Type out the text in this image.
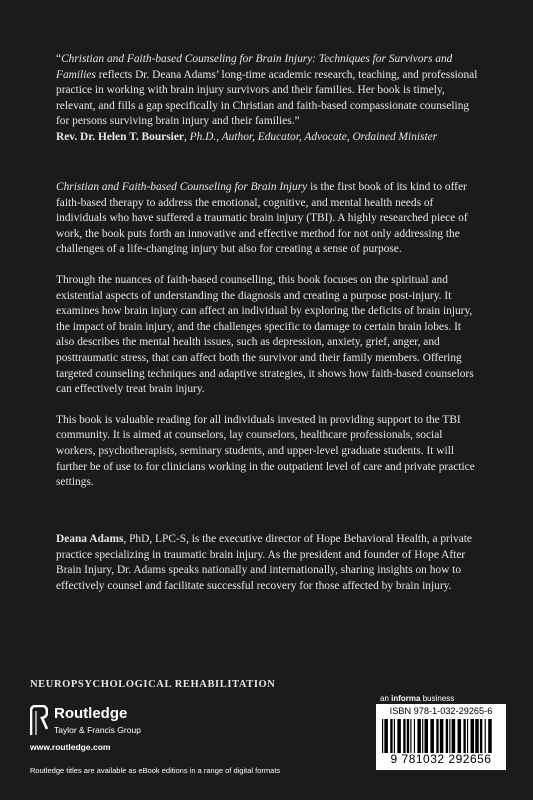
“Christian and Faith-based Counseling for Brain Injury: Techniques for Survivors and Families reflects Dr. Deana Adams’ long-time academic research, teaching, and professional practice in working with brain injury survivors and their families. Her book is timely, relevant, and fills a gap specifically in Christian and faith-based compassionate counseling for persons surviving brain injury and their families.”
Rev. Dr. Helen T. Boursier, Ph.D., Author, Educator, Advocate, Ordained Minister

Christian and Faith-based Counseling for Brain Injury is the first book of its kind to offer faith-based therapy to address the emotional, cognitive, and mental health needs of individuals who have suffered a traumatic brain injury (TBI). A highly researched piece of work, the book puts forth an innovative and effective method for not only addressing the challenges of a life-changing injury but also for creating a sense of purpose.

Through the nuances of faith-based counselling, this book focuses on the spiritual and existential aspects of understanding the diagnosis and creating a purpose post-injury. It examines how brain injury can affect an individual by exploring the deficits of brain injury, the impact of brain injury, and the challenges specific to damage to certain brain lobes. It also describes the mental health issues, such as depression, anxiety, grief, anger, and posttraumatic stress, that can affect both the survivor and their family members. Offering targeted counseling techniques and adaptive strategies, it shows how faith-based counselors can effectively treat brain injury.

This book is valuable reading for all individuals invested in providing support to the TBI community. It is aimed at counselors, lay counselors, healthcare professionals, social workers, psychotherapists, seminary students, and upper-level graduate students. It will further be of use to for clinicians working in the outpatient level of care and private practice settings.

Deana Adams, PhD, LPC-S, is the executive director of Hope Behavioral Health, a private practice specializing in traumatic brain injury. As the president and founder of Hope After Brain Injury, Dr. Adams speaks nationally and internationally, sharing insights on how to effectively counsel and facilitate successful recovery for those affected by brain injury.

NEUROPSYCHOLOGICAL REHABILITATION
Routledge
Taylor & Francis Group
www.routledge.com
Routledge titles are available as eBook editions in a range of digital formats
an informa business
ISBN 978-1-032-29265-6
9 781032 292656
